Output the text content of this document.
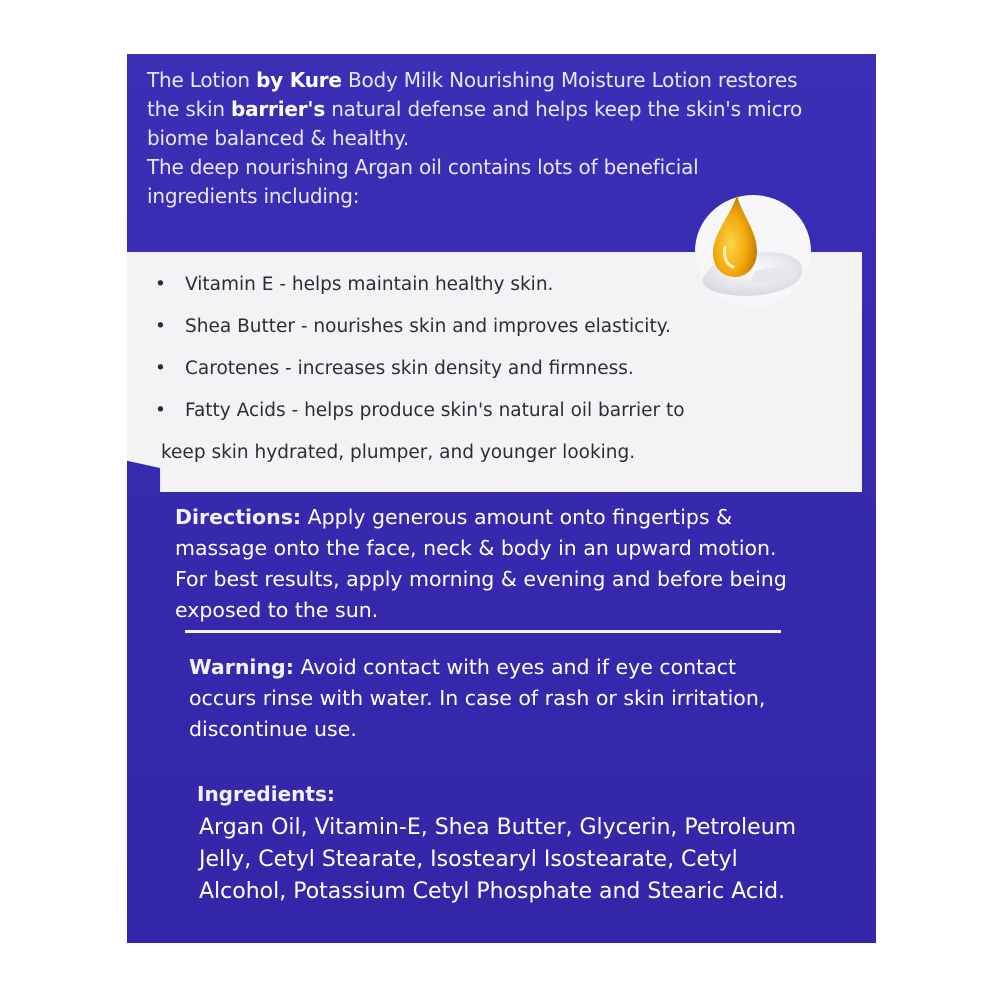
The Lotion by Kure Body Milk Nourishing Moisture Lotion restores

the skin barrier's natural defense and helps keep the skin's micro

biome balanced & healthy.

The deep nourishing Argan oil contains lots of beneficial

ingredients including:

• Vitamin E - helps maintain healthy skin.
• Shea Butter - nourishes skin and improves elasticity.
• Carotenes - increases skin density and firmness.
• Fatty Acids - helps produce skin's natural oil barrier to
keep skin hydrated, plumper, and younger looking.
Directions: Apply generous amount onto fingertips & massage onto the face, neck & body in an upward motion. For best results, apply morning & evening and before being exposed to the sun.
Warning: Avoid contact with eyes and if eye contact occurs rinse with water. In case of rash or skin irritation, discontinue use.
Ingredients:
Argan Oil, Vitamin-E, Shea Butter, Glycerin, Petroleum Jelly, Cetyl Stearate, Isostearyl Isostearate, Cetyl Alcohol, Potassium Cetyl Phosphate and Stearic Acid.
